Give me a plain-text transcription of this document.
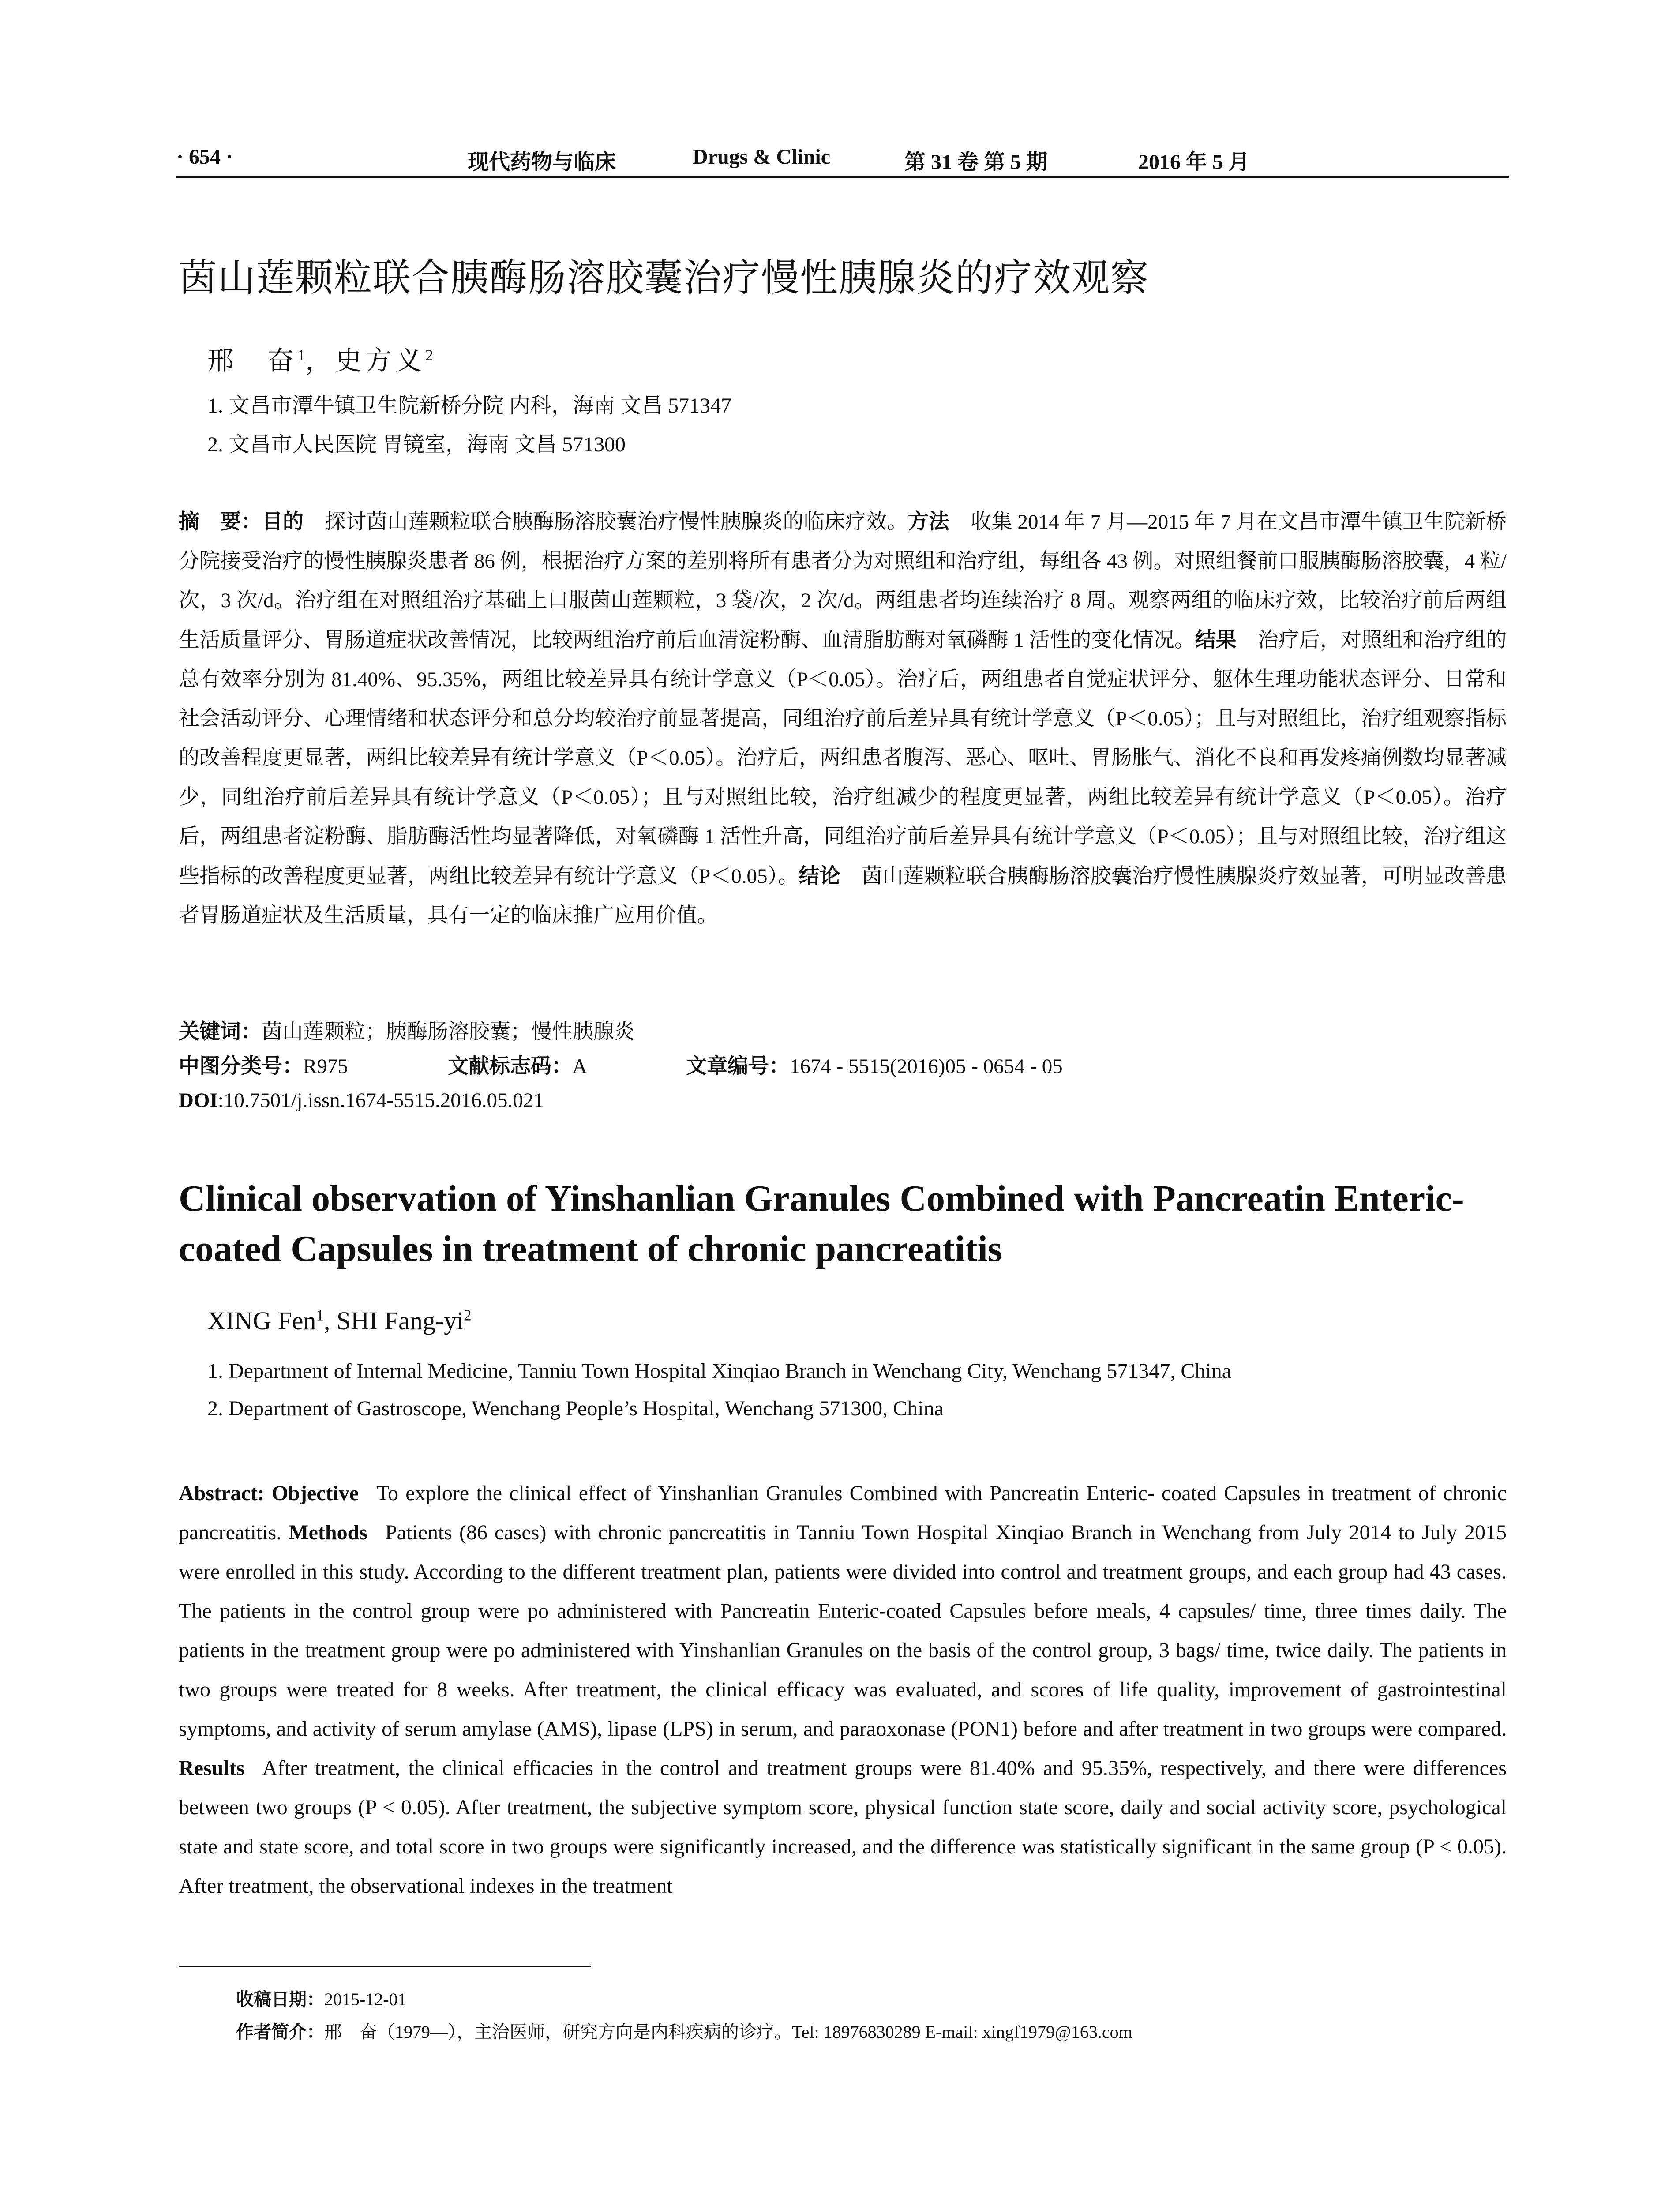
· 654 ·	现代药物与临床	Drugs & Clinic	第 31 卷 第 5 期	2016 年 5 月
茵山莲颗粒联合胰酶肠溶胶囊治疗慢性胰腺炎的疗效观察
邢　奋$^1$，史方义$^2$
1. 文昌市潭牛镇卫生院新桥分院 内科，海南 文昌 571347
2. 文昌市人民医院 胃镜室，海南 文昌 571300
摘　要：目的 探讨茵山莲颗粒联合胰酶肠溶胶囊治疗慢性胰腺炎的临床疗效。方法 收集 2014 年 7 月—2015 年 7 月在文昌市潭牛镇卫生院新桥分院接受治疗的慢性胰腺炎患者 86 例，根据治疗方案的差别将所有患者分为对照组和治疗组，每组各 43 例。对照组餐前口服胰酶肠溶胶囊，4 粒/次，3 次/d。治疗组在对照组治疗基础上口服茵山莲颗粒，3 袋/次，2 次/d。两组患者均连续治疗 8 周。观察两组的临床疗效，比较治疗前后两组生活质量评分、胃肠道症状改善情况，比较两组治疗前后血清淀粉酶、血清脂肪酶对氧磷酶 1 活性的变化情况。结果 治疗后，对照组和治疗组的总有效率分别为 81.40%、95.35%，两组比较差异具有统计学意义（P＜0.05）。治疗后，两组患者自觉症状评分、躯体生理功能状态评分、日常和社会活动评分、心理情绪和状态评分和总分均较治疗前显著提高，同组治疗前后差异具有统计学意义（P＜0.05）；且与对照组比，治疗组观察指标的改善程度更显著，两组比较差异有统计学意义（P＜0.05）。治疗后，两组患者腹泻、恶心、呕吐、胃肠胀气、消化不良和再发疼痛例数均显著减少，同组治疗前后差异具有统计学意义（P＜0.05）；且与对照组比较，治疗组减少的程度更显著，两组比较差异有统计学意义（P＜0.05）。治疗后，两组患者淀粉酶、脂肪酶活性均显著降低，对氧磷酶 1 活性升高，同组治疗前后差异具有统计学意义（P＜0.05）；且与对照组比较，治疗组这些指标的改善程度更显著，两组比较差异有统计学意义（P＜0.05）。结论 茵山莲颗粒联合胰酶肠溶胶囊治疗慢性胰腺炎疗效显著，可明显改善患者胃肠道症状及生活质量，具有一定的临床推广应用价值。
关键词：茵山莲颗粒；胰酶肠溶胶囊；慢性胰腺炎
中图分类号：R975	文献标志码：A	文章编号：1674 - 5515(2016)05 - 0654 - 05
DOI:10.7501/j.issn.1674-5515.2016.05.021
Clinical observation of Yinshanlian Granules Combined with Pancreatin Enteric-coated Capsules in treatment of chronic pancreatitis
XING Fen$^1$, SHI Fang-$yi^2$
1. Department of Internal Medicine, Tanniu Town Hospital Xinqiao Branch in Wenchang City, Wenchang 571347, China
2. Department of Gastroscope, Wenchang People’s Hospital, Wenchang 571300, China
Abstract: Objective To explore the clinical effect of Yinshanlian Granules Combined with Pancreatin Enteric- coated Capsules in treatment of chronic pancreatitis. Methods Patients (86 cases) with chronic pancreatitis in Tanniu Town Hospital Xinqiao Branch in Wenchang from July 2014 to July 2015 were enrolled in this study. According to the different treatment plan, patients were divided into control and treatment groups, and each group had 43 cases. The patients in the control group were po administered with Pancreatin Enteric-coated Capsules before meals, 4 capsules/ time, three times daily. The patients in the treatment group were po administered with Yinshanlian Granules on the basis of the control group, 3 bags/ time, twice daily. The patients in two groups were treated for 8 weeks. After treatment, the clinical efficacy was evaluated, and scores of life quality, improvement of gastrointestinal symptoms, and activity of serum amylase (AMS), lipase (LPS) in serum, and paraoxonase (PON1) before and after treatment in two groups were compared. Results After treatment, the clinical efficacies in the control and treatment groups were 81.40% and 95.35%, respectively, and there were differences between two groups (P < 0.05). After treatment, the subjective symptom score, physical function state score, daily and social activity score, psychological state and state score, and total score in two groups were significantly increased, and the difference was statistically significant in the same group (P < 0.05). After treatment, the observational indexes in the treatment
收稿日期：2015-12-01
作者简介：邢　奋（1979—），主治医师，研究方向是内科疾病的诊疗。Tel: 18976830289 E-mail: xingf1979@163.com
